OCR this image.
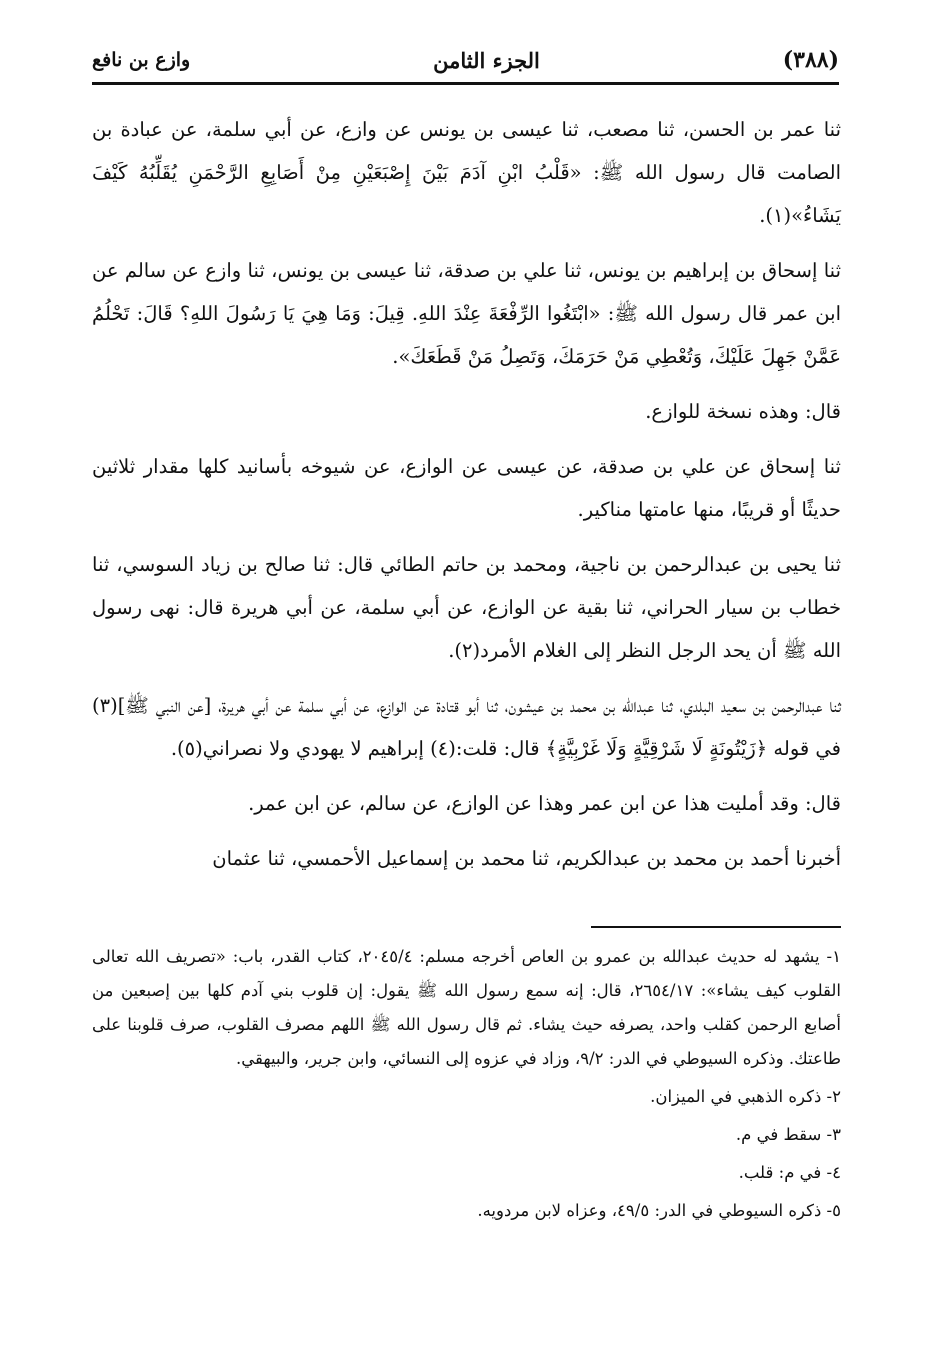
(٣٨٨)
الجزء الثامن
وازع بن نافع

ثنا عمر بن الحسن، ثنا مصعب، ثنا عيسى بن يونس عن وازع، عن أبي سلمة، عن عبادة بن الصامت قال رسول الله ﷺ: «قَلْبُ ابْنِ آدَمَ بَيْنَ إِصْبَعَيْنِ مِنْ أَصَابِعِ الرَّحْمَنِ يُقَلِّبُهُ كَيْفَ يَشَاءُ»(١).

ثنا إسحاق بن إبراهيم بن يونس، ثنا علي بن صدقة، ثنا عيسى بن يونس، ثنا وازع عن سالم عن ابن عمر قال رسول الله ﷺ: «ابْتَغُوا الرِّفْعَةَ عِنْدَ اللهِ. قِيلَ: وَمَا هِيَ يَا رَسُولَ اللهِ؟ قَالَ: تَحْلُمُ عَمَّنْ جَهِلَ عَلَيْكَ، وَتُعْطِي مَنْ حَرَمَكَ، وَتَصِلُ مَنْ قَطَعَكَ».

قال: وهذه نسخة للوازع.

ثنا إسحاق عن علي بن صدقة، عن عيسى عن الوازع، عن شيوخه بأسانيد كلها مقدار ثلاثين حديثًا أو قريبًا، منها عامتها مناكير.

ثنا يحيى بن عبدالرحمن بن ناجية، ومحمد بن حاتم الطائي قال: ثنا صالح بن زياد السوسي، ثنا خطاب بن سيار الحراني، ثنا بقية عن الوازع، عن أبي سلمة، عن أبي هريرة قال: نهى رسول الله ﷺ أن يحد الرجل النظر إلى الغلام الأمرد(٢).

ثنا عبدالرحمن بن سعيد البلدي، ثنا عبدالله بن محمد بن عيشون، ثنا أبو قتادة عن الوازع، عن أبي سلمة عن أبي هريرة، [عن النبي ﷺ](٣) في قوله ﴿زَيْتُونَةٍ لَا شَرْقِيَّةٍ وَلَا غَرْبِيَّةٍ﴾ قال: قلت:(٤) إبراهيم لا يهودي ولا نصراني(٥).

قال: وقد أمليت هذا عن ابن عمر وهذا عن الوازع، عن سالم، عن ابن عمر.

أخبرنا أحمد بن محمد بن عبدالكريم، ثنا محمد بن إسماعيل الأحمسي، ثنا عثمان

١- يشهد له حديث عبدالله بن عمرو بن العاص أخرجه مسلم: ٢٠٤٥/٤، كتاب القدر، باب: «تصريف الله تعالى القلوب كيف يشاء»: ٢٦٥٤/١٧، قال: إنه سمع رسول الله ﷺ يقول: إن قلوب بني آدم كلها بين إصبعين من أصابع الرحمن كقلب واحد، يصرفه حيث يشاء. ثم قال رسول الله ﷺ اللهم مصرف القلوب، صرف قلوبنا على طاعتك. وذكره السيوطي في الدر: ٩/٢، وزاد في عزوه إلى النسائي، وابن جرير، والبيهقي.

٢- ذكره الذهبي في الميزان.

٣- سقط في م.

٤- في م: قلب.

٥- ذكره السيوطي في الدر: ٤٩/٥، وعزاه لابن مردويه.
